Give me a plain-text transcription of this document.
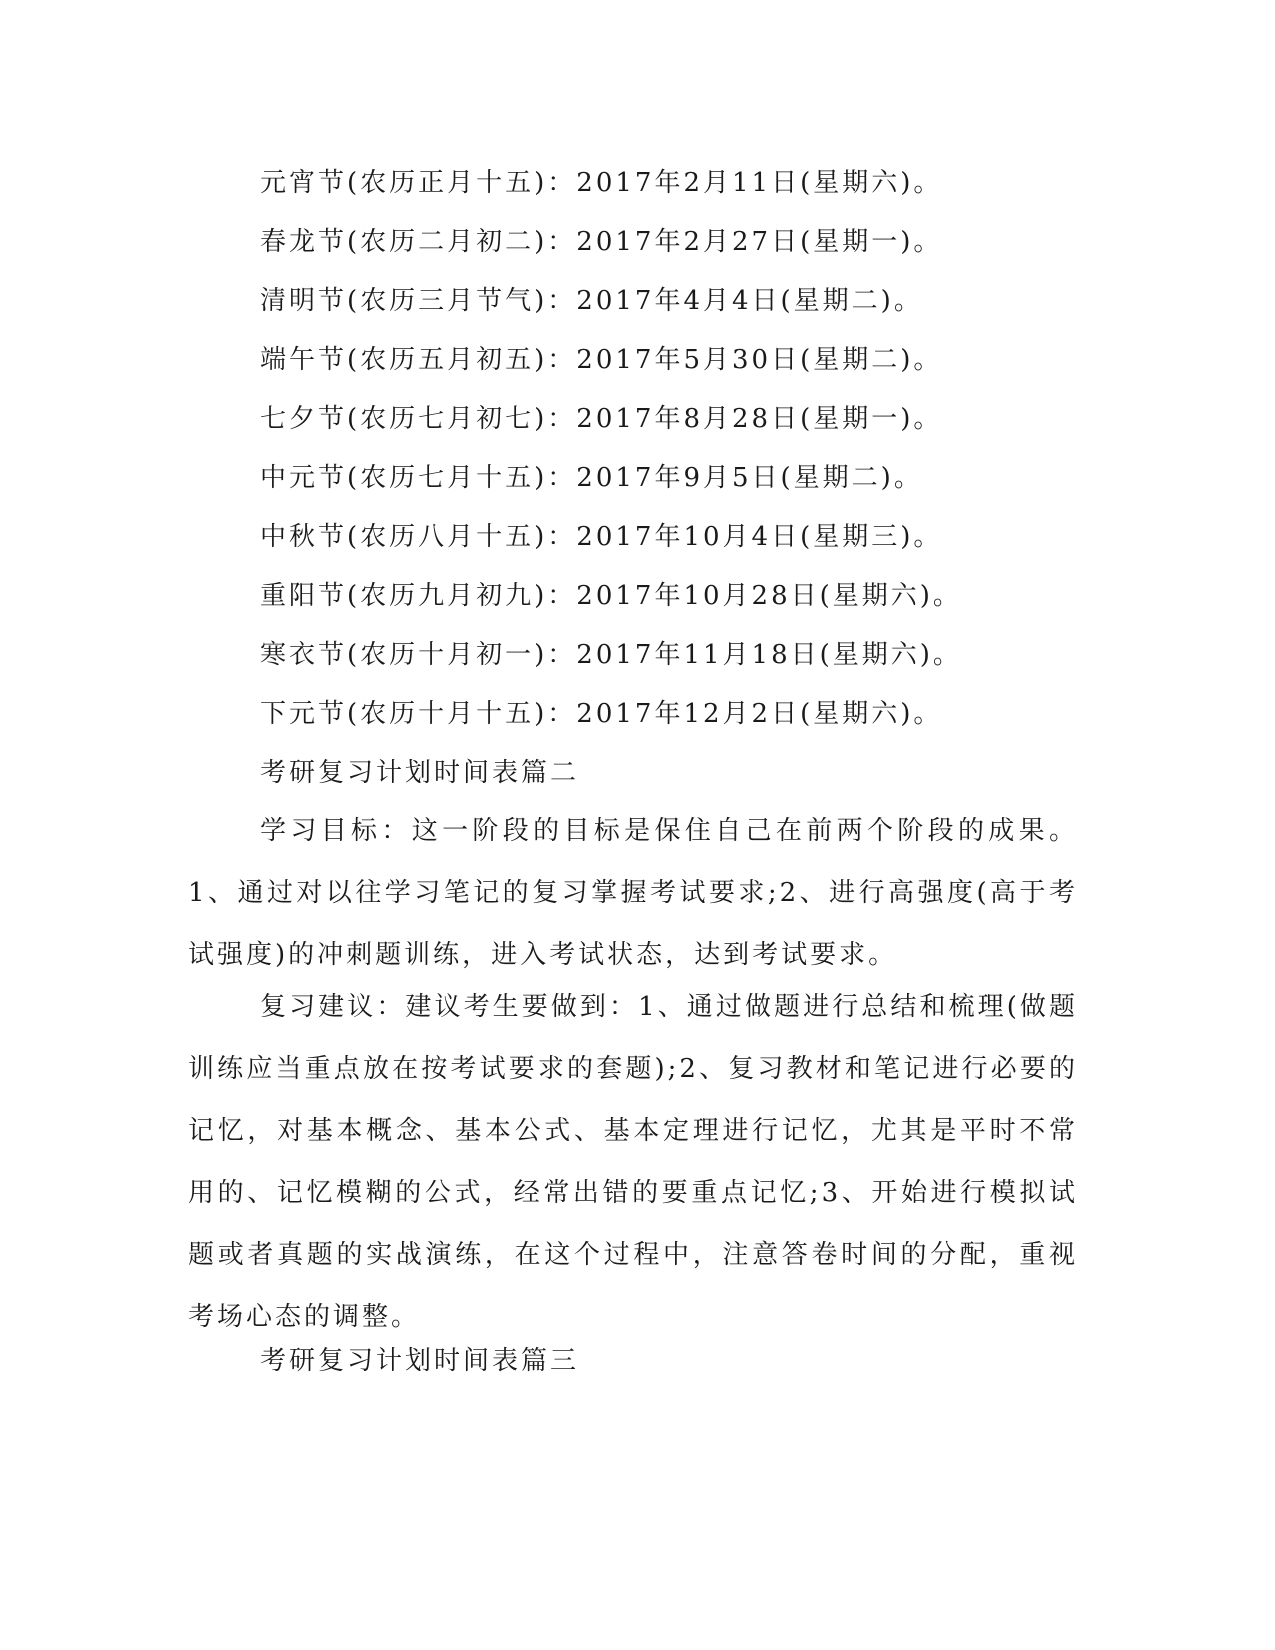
元宵节(农历正月十五)：2017年2月11日(星期六)。
春龙节(农历二月初二)：2017年2月27日(星期一)。
清明节(农历三月节气)：2017年4月4日(星期二)。
端午节(农历五月初五)：2017年5月30日(星期二)。
七夕节(农历七月初七)：2017年8月28日(星期一)。
中元节(农历七月十五)：2017年9月5日(星期二)。
中秋节(农历八月十五)：2017年10月4日(星期三)。
重阳节(农历九月初九)：2017年10月28日(星期六)。
寒衣节(农历十月初一)：2017年11月18日(星期六)。
下元节(农历十月十五)：2017年12月2日(星期六)。
考研复习计划时间表篇二

学习目标：这一阶段的目标是保住自己在前两个阶段的成果。1、通过对以往学习笔记的复习掌握考试要求;2、进行高强度(高于考试强度)的冲刺题训练，进入考试状态，达到考试要求。

复习建议：建议考生要做到：1、通过做题进行总结和梳理(做题训练应当重点放在按考试要求的套题);2、复习教材和笔记进行必要的记忆，对基本概念、基本公式、基本定理进行记忆，尤其是平时不常用的、记忆模糊的公式，经常出错的要重点记忆;3、开始进行模拟试题或者真题的实战演练，在这个过程中，注意答卷时间的分配，重视考场心态的调整。

考研复习计划时间表篇三
